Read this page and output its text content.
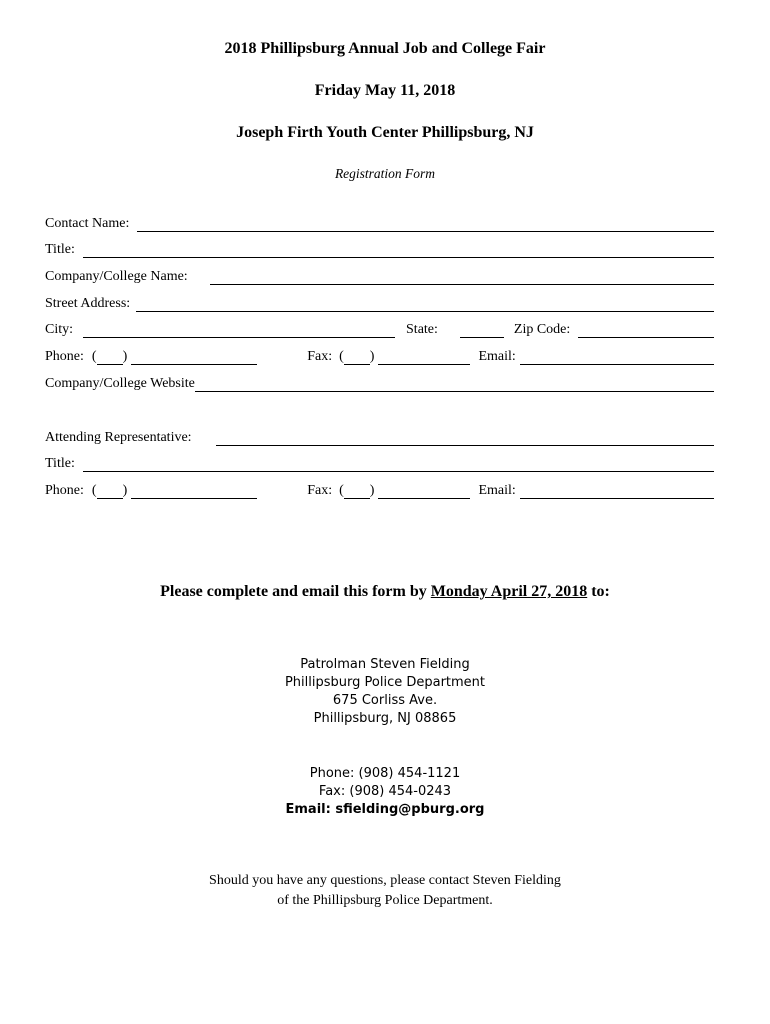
2018 Phillipsburg Annual Job and College Fair
Friday May 11, 2018
Joseph Firth Youth Center Phillipsburg, NJ
Registration Form
Contact Name:
Title:
Company/College Name:
Street Address:
City:	State:	Zip Code:
Phone: ( )	Fax: ( )	Email:
Company/College Website
Attending Representative:
Title:
Phone: ( )	Fax: ( )	Email:
Please complete and email this form by Monday April 27, 2018 to:
Patrolman Steven Fielding
Phillipsburg Police Department
675 Corliss Ave.
Phillipsburg, NJ 08865
Phone: (908) 454-1121
Fax: (908) 454-0243
Email: sfielding@pburg.org
Should you have any questions, please contact Steven Fielding
of the Phillipsburg Police Department.
